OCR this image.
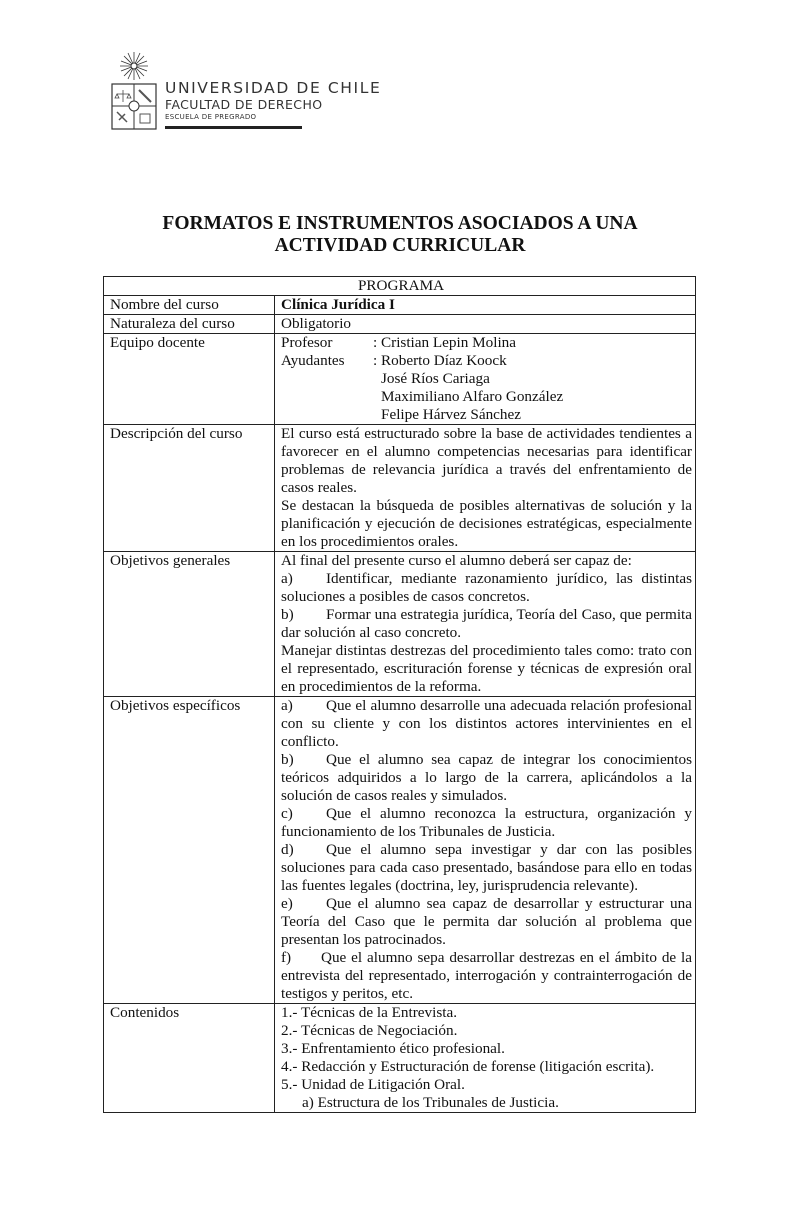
UNIVERSIDAD DE CHILE
FACULTAD DE DERECHO
ESCUELA DE PREGRADO
FORMATOS E INSTRUMENTOS ASOCIADOS A UNA
ACTIVIDAD CURRICULAR
PROGRAMA	
Nombre del curso	Clínica Jurídica I
Naturaleza del curso	Obligatorio
Equipo docente	Profesor	: Cristian Lepin Molina
Ayudantes	: Roberto Díaz Koock
José Ríos Cariaga
Maximiliano Alfaro González
Felipe Hárvez Sánchez

Descripción del curso	El curso está estructurado sobre la base de actividades tendientes a favorecer en el alumno competencias necesarias para identificar problemas de relevancia jurídica a través del enfrentamiento de casos reales.

Se destacan la búsqueda de posibles alternativas de solución y la planificación y ejecución de decisiones estratégicas, especialmente en los procedimientos orales.

Objetivos generales	Al final del presente curso el alumno deberá ser capaz de:

a) Identificar, mediante razonamiento jurídico, las distintas soluciones a posibles de casos concretos.

b) Formar una estrategia jurídica, Teoría del Caso, que permita dar solución al caso concreto.

Manejar distintas destrezas del procedimiento tales como: trato con el representado, escrituración forense y técnicas de expresión oral en procedimientos de la reforma.

Objetivos específicos	a) Que el alumno desarrolle una adecuada relación profesional con su cliente y con los distintos actores intervinientes en el conflicto.

b) Que el alumno sea capaz de integrar los conocimientos teóricos adquiridos a lo largo de la carrera, aplicándolos a la solución de casos reales y simulados.

c) Que el alumno reconozca la estructura, organización y funcionamiento de los Tribunales de Justicia.

d) Que el alumno sepa investigar y dar con las posibles soluciones para cada caso presentado, basándose para ello en todas las fuentes legales (doctrina, ley, jurisprudencia relevante).

e) Que el alumno sea capaz de desarrollar y estructurar una Teoría del Caso que le permita dar solución al problema que presentan los patrocinados.

f) Que el alumno sepa desarrollar destrezas en el ámbito de la entrevista del representado, interrogación y contrainterrogación de testigos y peritos, etc.

Contenidos	1.- Técnicas de la Entrevista.
2.- Técnicas de Negociación.
3.- Enfrentamiento ético profesional.
4.- Redacción y Estructuración de forense (litigación escrita).
5.- Unidad de Litigación Oral.
a) Estructura de los Tribunales de Justicia.
